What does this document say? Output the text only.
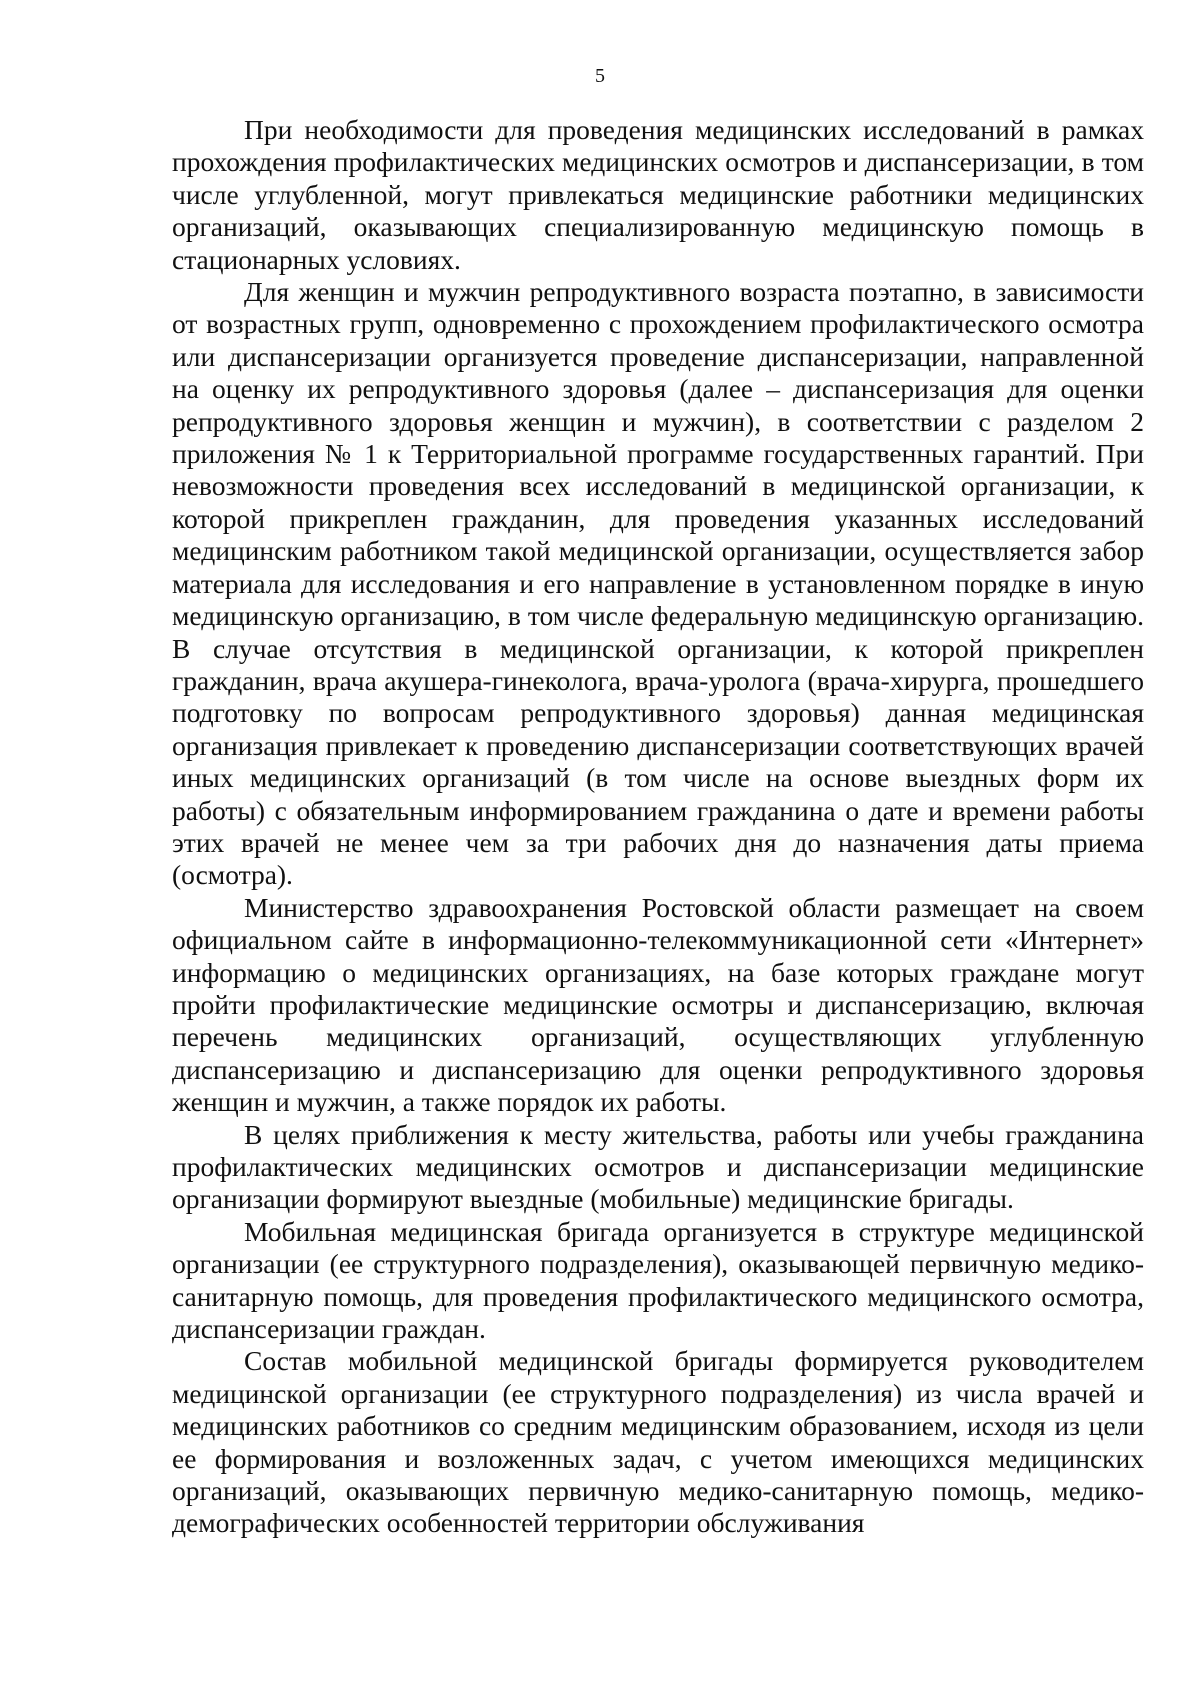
5

При необходимости для проведения медицинских исследований в рамках прохождения профилактических медицинских осмотров и диспансеризации, в том числе углубленной, могут привлекаться медицинские работники медицинских организаций, оказывающих специализированную медицинскую помощь в стационарных условиях.

Для женщин и мужчин репродуктивного возраста поэтапно, в зависимости от возрастных групп, одновременно с прохождением профилактического осмотра или диспансеризации организуется проведение диспансеризации, направленной на оценку их репродуктивного здоровья (далее – диспансеризация для оценки репродуктивного здоровья женщин и мужчин), в соответствии с разделом 2 приложения № 1 к Территориальной программе государственных гарантий. При невозможности проведения всех исследований в медицинской организации, к которой прикреплен гражданин, для проведения указанных исследований медицинским работником такой медицинской организации, осуществляется забор материала для исследования и его направление в установленном порядке в иную медицинскую организацию, в том числе федеральную медицинскую организацию. В случае отсутствия в медицинской организации, к которой прикреплен гражданин, врача акушера-гинеколога, врача-уролога (врача-хирурга, прошедшего подготовку по вопросам репродуктивного здоровья) данная медицинская организация привлекает к проведению диспансеризации соответствующих врачей иных медицинских организаций (в том числе на основе выездных форм их работы) с обязательным информированием гражданина о дате и времени работы этих врачей не менее чем за три рабочих дня до назначения даты приема (осмотра).

Министерство здравоохранения Ростовской области размещает на своем официальном сайте в информационно-телекоммуникационной сети «Интернет» информацию о медицинских организациях, на базе которых граждане могут пройти профилактические медицинские осмотры и диспансеризацию, включая перечень медицинских организаций, осуществляющих углубленную диспансеризацию и диспансеризацию для оценки репродуктивного здоровья женщин и мужчин, а также порядок их работы.

В целях приближения к месту жительства, работы или учебы гражданина профилактических медицинских осмотров и диспансеризации медицинские организации формируют выездные (мобильные) медицинские бригады.

Мобильная медицинская бригада организуется в структуре медицинской организации (ее структурного подразделения), оказывающей первичную медико-санитарную помощь, для проведения профилактического медицинского осмотра, диспансеризации граждан.

Состав мобильной медицинской бригады формируется руководителем медицинской организации (ее структурного подразделения) из числа врачей и медицинских работников со средним медицинским образованием, исходя из цели ее формирования и возложенных задач, с учетом имеющихся медицинских организаций, оказывающих первичную медико-санитарную помощь, медико-демографических особенностей территории обслуживания
